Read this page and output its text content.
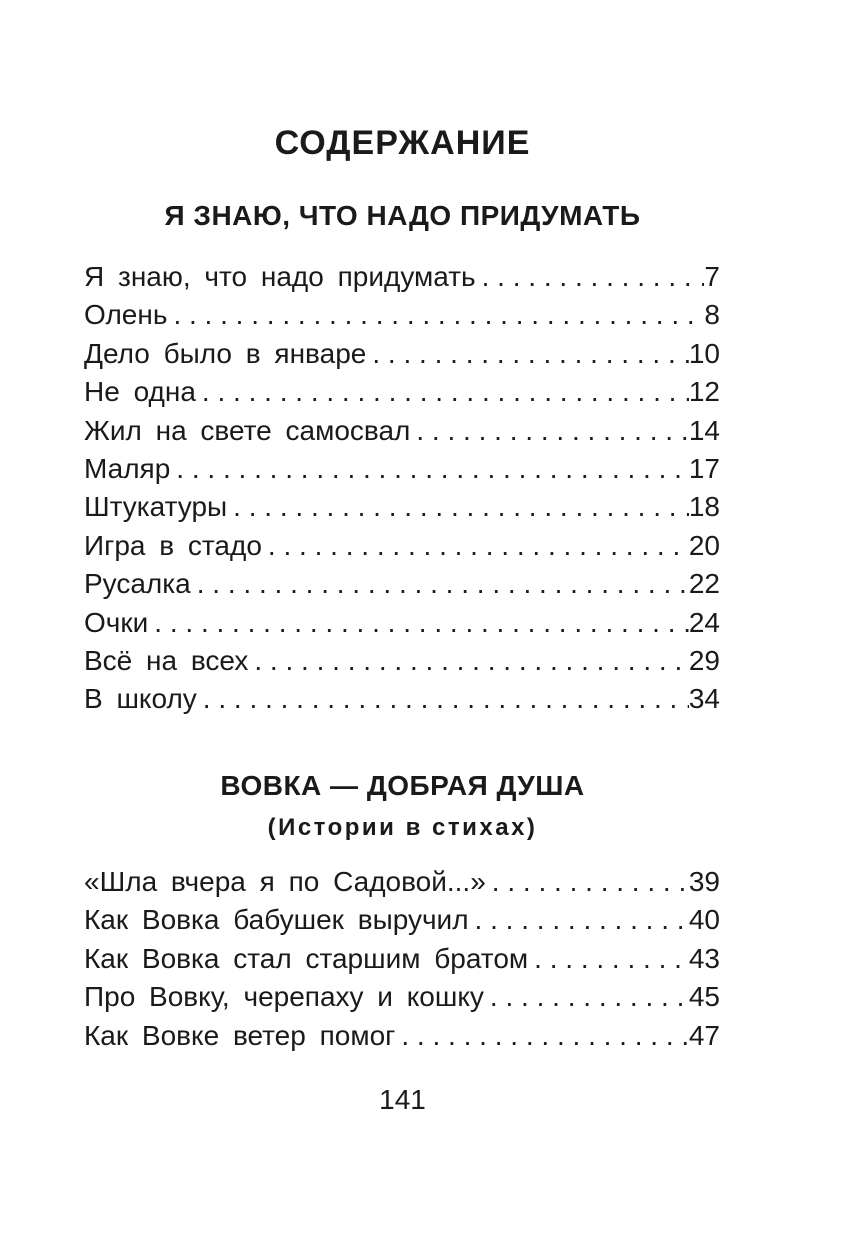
СОДЕРЖАНИЕ
Я ЗНАЮ, ЧТО НАДО ПРИДУМАТЬ
Я знаю, что надо придумать . . .	7
Олень . . .	8
Дело было в январе . . .	10
Не одна . . .	12
Жил на свете самосвал . . .	14
Маляр . . .	17
Штукатуры . . .	18
Игра в стадо . . .	20
Русалка . . .	22
Очки . . .	24
Всё на всех . . .	29
В школу . . .	34
ВОВКА — ДОБРАЯ ДУША
(Истории в стихах)
«Шла вчера я по Садовой...» . . .	39
Как Вовка бабушек выручил . . .	40
Как Вовка стал старшим братом . . .	43
Про Вовку, черепаху и кошку . . .	45
Как Вовке ветер помог . . .	47
141
